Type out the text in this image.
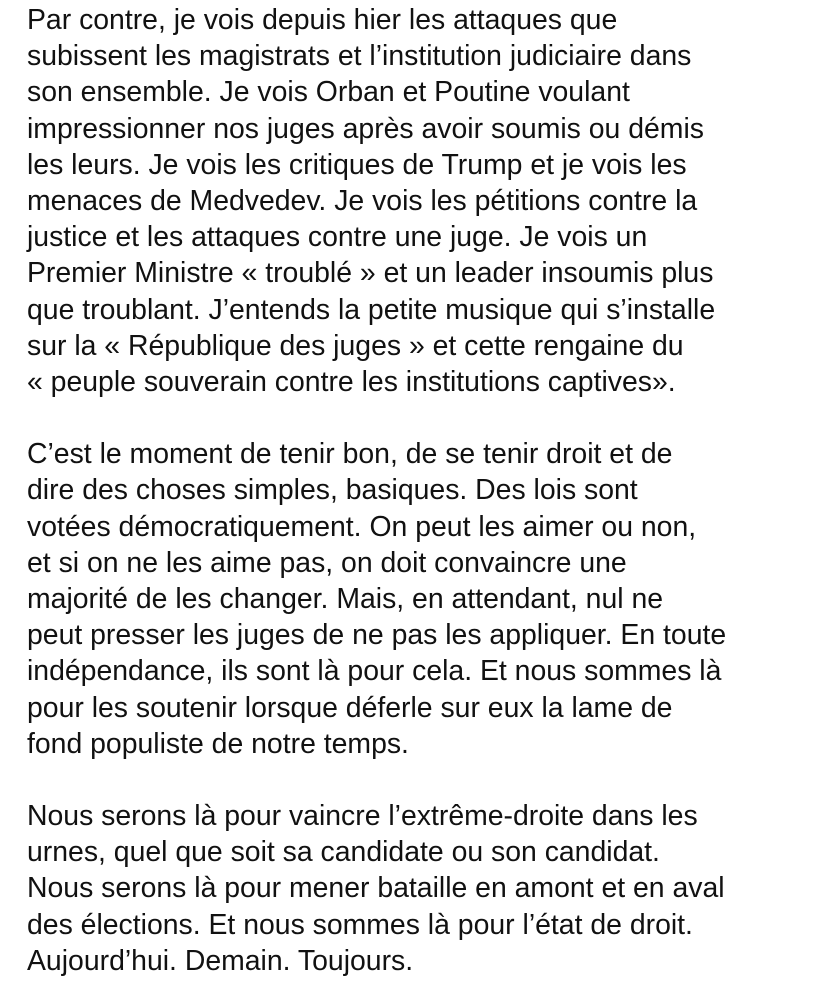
Par contre, je vois depuis hier les attaques que
subissent les magistrats et l’institution judiciaire dans
son ensemble. Je vois Orban et Poutine voulant
impressionner nos juges après avoir soumis ou démis
les leurs. Je vois les critiques de Trump et je vois les
menaces de Medvedev. Je vois les pétitions contre la
justice et les attaques contre une juge. Je vois un
Premier Ministre « troublé » et un leader insoumis plus
que troublant. J’entends la petite musique qui s’installe
sur la « République des juges » et cette rengaine du
« peuple souverain contre les institutions captives».

C’est le moment de tenir bon, de se tenir droit et de
dire des choses simples, basiques. Des lois sont
votées démocratiquement. On peut les aimer ou non,
et si on ne les aime pas, on doit convaincre une
majorité de les changer. Mais, en attendant, nul ne
peut presser les juges de ne pas les appliquer. En toute
indépendance, ils sont là pour cela. Et nous sommes là
pour les soutenir lorsque déferle sur eux la lame de
fond populiste de notre temps.

Nous serons là pour vaincre l’extrême-droite dans les
urnes, quel que soit sa candidate ou son candidat.
Nous serons là pour mener bataille en amont et en aval
des élections. Et nous sommes là pour l’état de droit.
Aujourd’hui. Demain. Toujours.
